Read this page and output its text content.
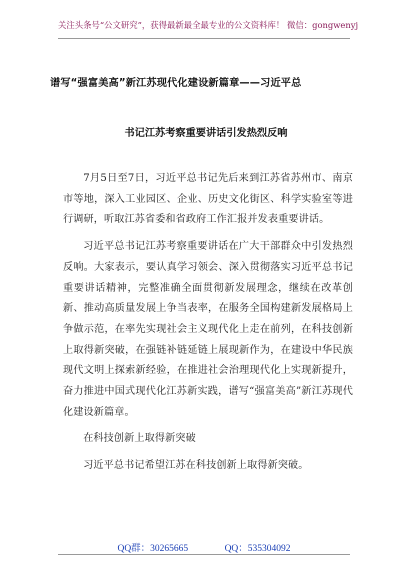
关注头条号“公文研究”，获得最新最全最专业的公文资料库！ 微信：gongwenyj
谱写“强富美高”新江苏现代化建设新篇章——习近平总
书记江苏考察重要讲话引发热烈反响

7月5日至7日，习近平总书记先后来到江苏省苏州市、南京市等地，深入工业园区、企业、历史文化街区、科学实验室等进行调研，听取江苏省委和省政府工作汇报并发表重要讲话。

习近平总书记江苏考察重要讲话在广大干部群众中引发热烈反响。大家表示，要认真学习领会、深入贯彻落实习近平总书记重要讲话精神，完整准确全面贯彻新发展理念，继续在改革创新、推动高质量发展上争当表率，在服务全国构建新发展格局上争做示范，在率先实现社会主义现代化上走在前列，在科技创新上取得新突破，在强链补链延链上展现新作为，在建设中华民族现代文明上探索新经验，在推进社会治理现代化上实现新提升，奋力推进中国式现代化江苏新实践，谱写“强富美高”新江苏现代化建设新篇章。

在科技创新上取得新突破

习近平总书记希望江苏在科技创新上取得新突破。

QQ群：30265665	QQ：535304092
